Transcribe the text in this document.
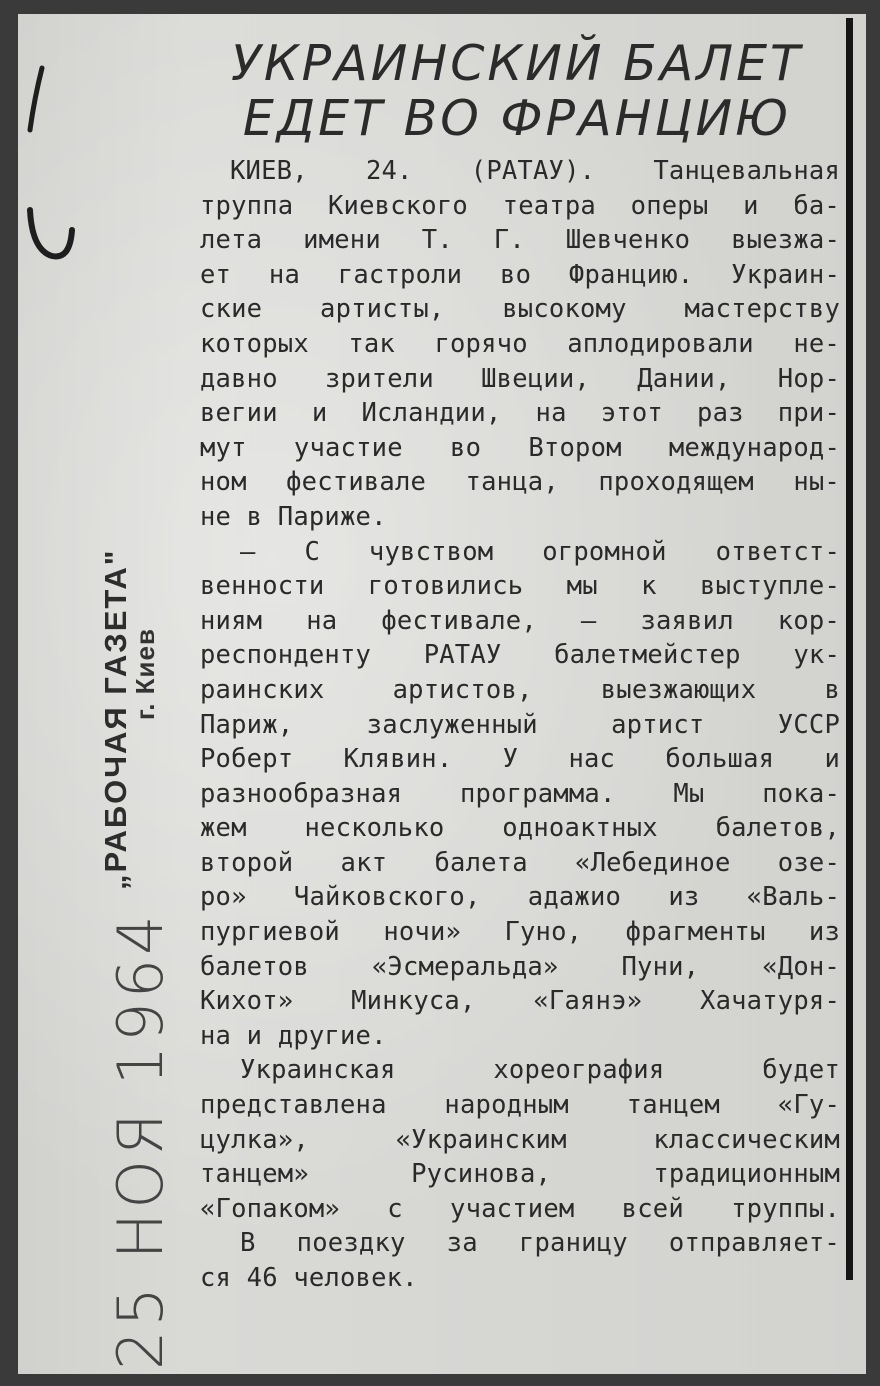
„РАБОЧАЯ ГАЗЕТА"
г. Киев
25 НОЯ 1964
УКРАИНСКИЙ БАЛЕТ
ЕДЕТ ВО ФРАНЦИЮ
КИЕВ, 24. (РАТАУ). Танцевальная
труппа Киевского театра оперы и ба-
лета имени Т. Г. Шевченко выезжа-
ет на гастроли во Францию. Украин-
ские артисты, высокому мастерству
которых так горячо аплодировали не-
давно зрители Швеции, Дании, Нор-
вегии и Исландии, на этот раз при-
мут участие во Втором международ-
ном фестивале танца, проходящем ны-
не в Париже.
— С чувством огромной ответст-
венности готовились мы к выступле-
ниям на фестивале, — заявил кор-
респонденту РАТАУ балетмейстер ук-
раинских артистов, выезжающих в
Париж, заслуженный артист УССР
Роберт Клявин. У нас большая и
разнообразная программа. Мы пока-
жем несколько одноактных балетов,
второй акт балета «Лебединое озе-
ро» Чайковского, адажио из «Валь-
пургиевой ночи» Гуно, фрагменты из
балетов «Эсмеральда» Пуни, «Дон-
Кихот» Минкуса, «Гаянэ» Хачатуря-
на и другие.
Украинская хореография будет
представлена народным танцем «Гу-
цулка», «Украинским классическим
танцем» Русинова, традиционным
«Гопаком» с участием всей труппы.
В поездку за границу отправляет-
ся 46 человек.
